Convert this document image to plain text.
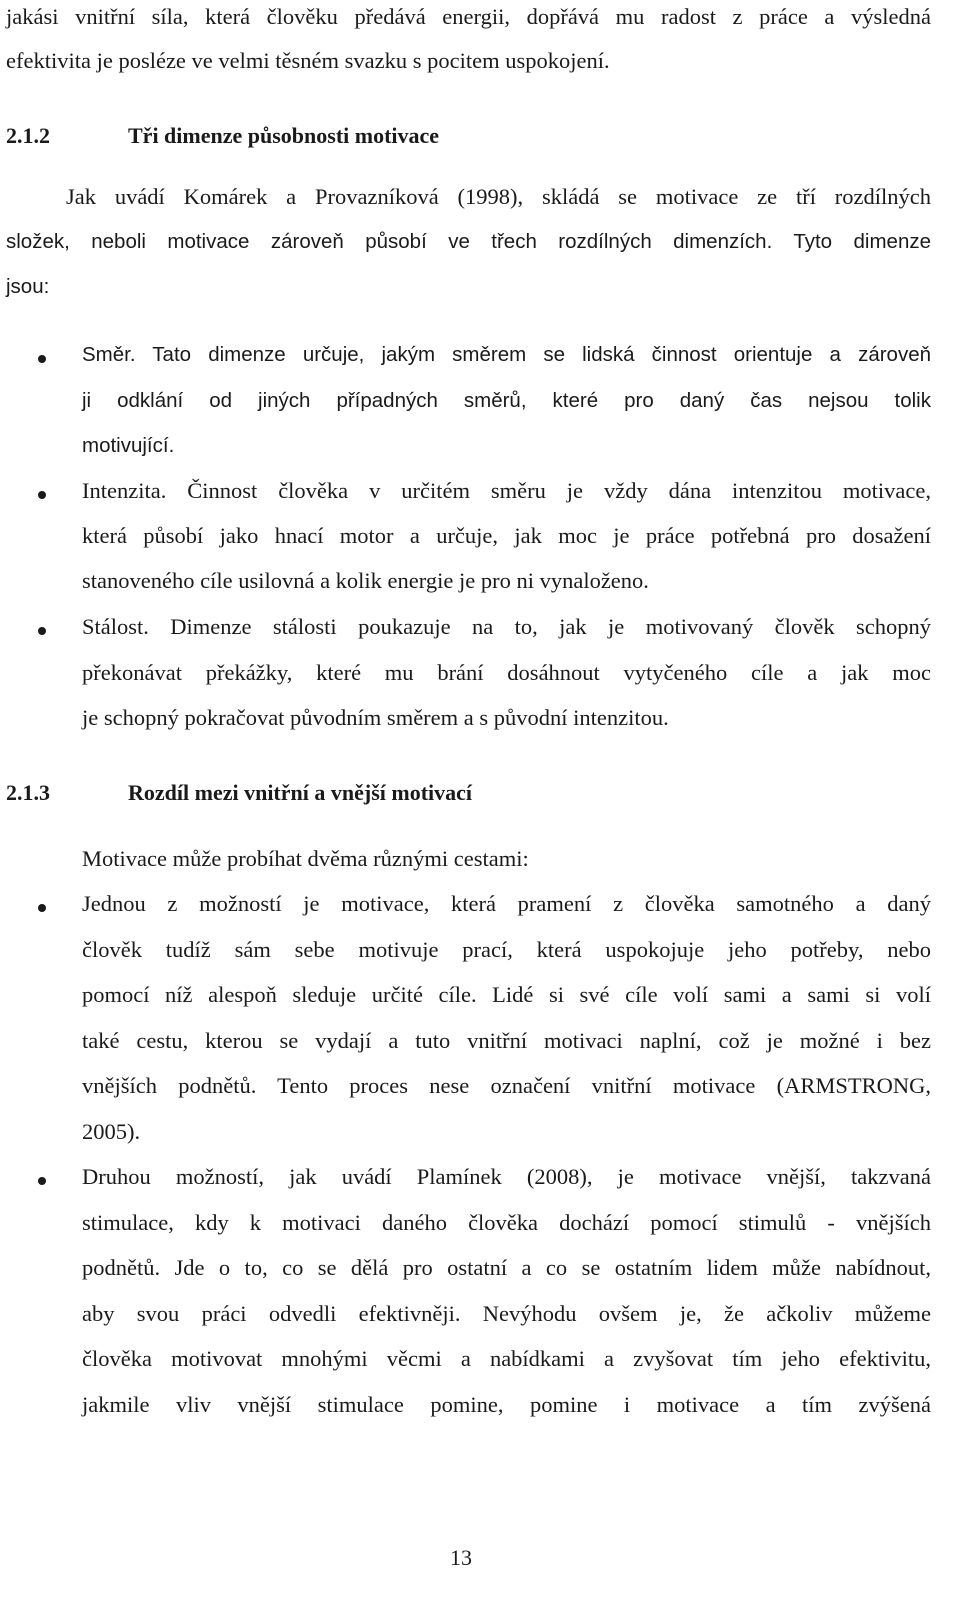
jakási vnitřní síla, která člověku předává energii, dopřává mu radost z práce a výsledná
efektivita je posléze ve velmi těsném svazku s pocitem uspokojení.
2.1.2	Tři dimenze působnosti motivace
Jak uvádí Komárek a Provazníková (1998), skládá se motivace ze tří rozdílných
složek, neboli motivace zároveň působí ve třech rozdílných dimenzích. Tyto dimenze
jsou:
Směr. Tato dimenze určuje, jakým směrem se lidská činnost orientuje a zároveň
ji odklání od jiných případných směrů, které pro daný čas nejsou tolik
motivující.
Intenzita. Činnost člověka v určitém směru je vždy dána intenzitou motivace,
která působí jako hnací motor a určuje, jak moc je práce potřebná pro dosažení
stanoveného cíle usilovná a kolik energie je pro ni vynaloženo.
Stálost. Dimenze stálosti poukazuje na to, jak je motivovaný člověk schopný
překonávat překážky, které mu brání dosáhnout vytyčeného cíle a jak moc
je schopný pokračovat původním směrem a s původní intenzitou.
2.1.3	Rozdíl mezi vnitřní a vnější motivací
Motivace může probíhat dvěma různými cestami:
Jednou z možností je motivace, která pramení z člověka samotného a daný
člověk tudíž sám sebe motivuje prací, která uspokojuje jeho potřeby, nebo
pomocí níž alespoň sleduje určité cíle. Lidé si své cíle volí sami a sami si volí
také cestu, kterou se vydají a tuto vnitřní motivaci naplní, což je možné i bez
vnějších podnětů. Tento proces nese označení vnitřní motivace (ARMSTRONG,
2005).
Druhou možností, jak uvádí Plamínek (2008), je motivace vnější, takzvaná
stimulace, kdy k motivaci daného člověka dochází pomocí stimulů - vnějších
podnětů. Jde o to, co se dělá pro ostatní a co se ostatním lidem může nabídnout,
aby svou práci odvedli efektivněji. Nevýhodu ovšem je, že ačkoliv můžeme
člověka motivovat mnohými věcmi a nabídkami a zvyšovat tím jeho efektivitu,
jakmile vliv vnější stimulace pomine, pomine i motivace a tím zvýšená
13
